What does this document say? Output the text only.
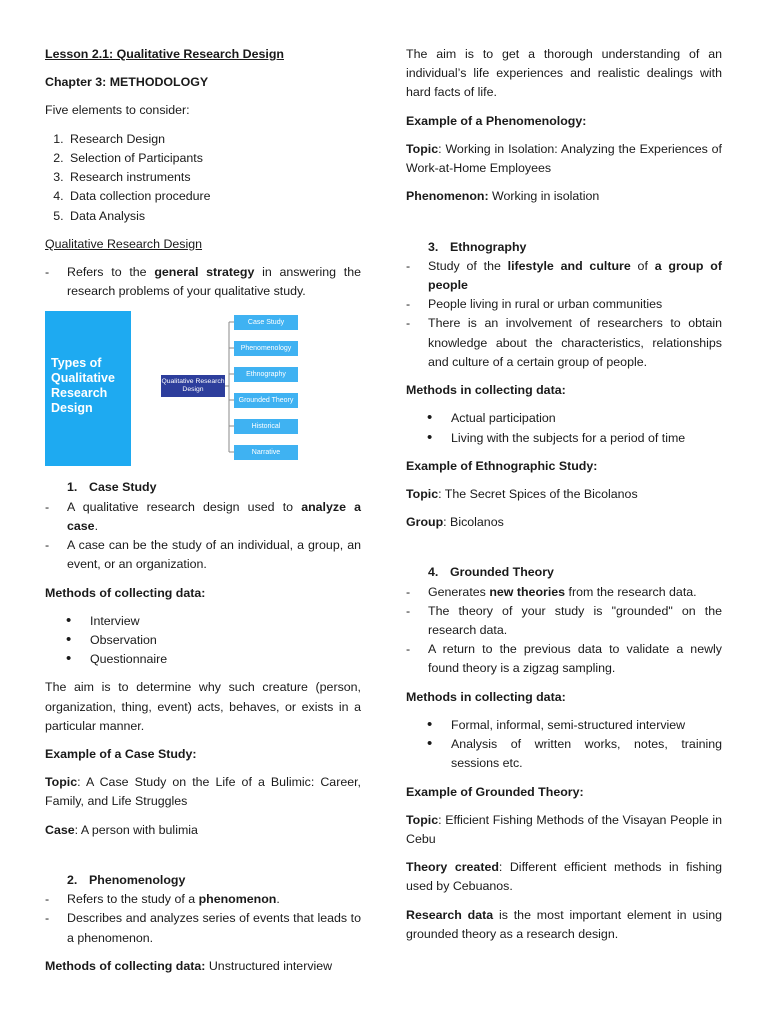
Lesson 2.1: Qualitative Research Design

Chapter 3: METHODOLOGY

Five elements to consider:

1. Research Design
2. Selection of Participants
3. Research instruments
4. Data collection procedure
5. Data Analysis

Qualitative Research Design

- Refers to the general strategy in answering the research problems of your qualitative study.
Types of Qualitative Research Design
Qualitative Research Design
Case Study
Phenomenology
Ethnography
Grounded Theory
Historical
Narrative
1. Case Study
- A qualitative research design used to analyze a case.
- A case can be the study of an individual, a group, an event, or an organization.

Methods of collecting data:

• Interview
• Observation
• Questionnaire

The aim is to determine why such creature (person, organization, thing, event) acts, behaves, or exists in a particular manner.

Example of a Case Study:

Topic: A Case Study on the Life of a Bulimic: Career, Family, and Life Struggles

Case: A person with bulimia

2. Phenomenology
- Refers to the study of a phenomenon.
- Describes and analyzes series of events that leads to a phenomenon.

Methods of collecting data: Unstructured interview

The aim is to get a thorough understanding of an individual’s life experiences and realistic dealings with hard facts of life.

Example of a Phenomenology:

Topic: Working in Isolation: Analyzing the Experiences of Work-at-Home Employees

Phenomenon: Working in isolation

3. Ethnography
- Study of the lifestyle and culture of a group of people
- People living in rural or urban communities
- There is an involvement of researchers to obtain knowledge about the characteristics, relationships and culture of a certain group of people.

Methods in collecting data:

• Actual participation
• Living with the subjects for a period of time

Example of Ethnographic Study:

Topic: The Secret Spices of the Bicolanos

Group: Bicolanos

4. Grounded Theory
- Generates new theories from the research data.
- The theory of your study is "grounded" on the research data.
- A return to the previous data to validate a newly found theory is a zigzag sampling.

Methods in collecting data:

• Formal, informal, semi-structured interview
• Analysis of written works, notes, training sessions etc.

Example of Grounded Theory:

Topic: Efficient Fishing Methods of the Visayan People in Cebu

Theory created: Different efficient methods in fishing used by Cebuanos.

Research data is the most important element in using grounded theory as a research design.
